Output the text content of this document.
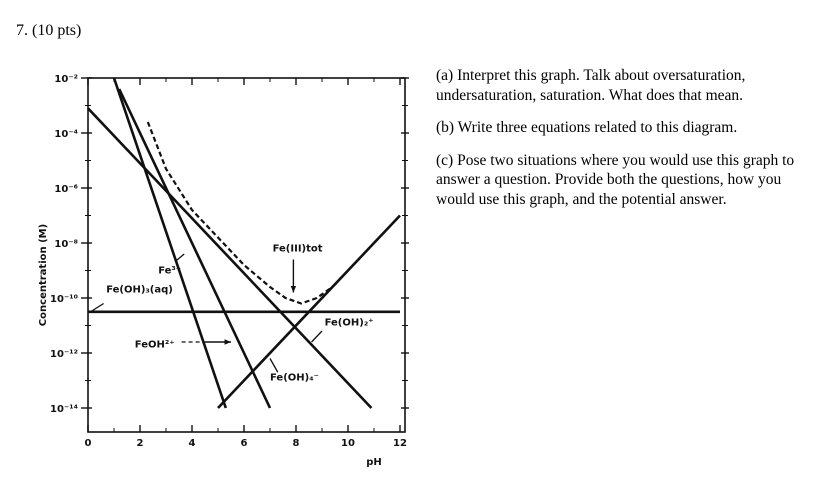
7. (10 pts)
10⁻²
10⁻⁴
10⁻⁶
10⁻⁸
10⁻¹⁰
10⁻¹²
10⁻¹⁴
0	2	4	6	8	10	12
pH
Concentration (M)	Fe³⁺
Fe(OH)₃(aq)
FeOH²⁺
Fe(III)tot
Fe(OH)₂⁺
Fe(OH)₄⁻

(a) Interpret this graph. Talk about oversaturation, undersaturation, saturation. What does that mean.

(b) Write three equations related to this diagram.

(c) Pose two situations where you would use this graph to answer a question. Provide both the questions, how you would use this graph, and the potential answer.
